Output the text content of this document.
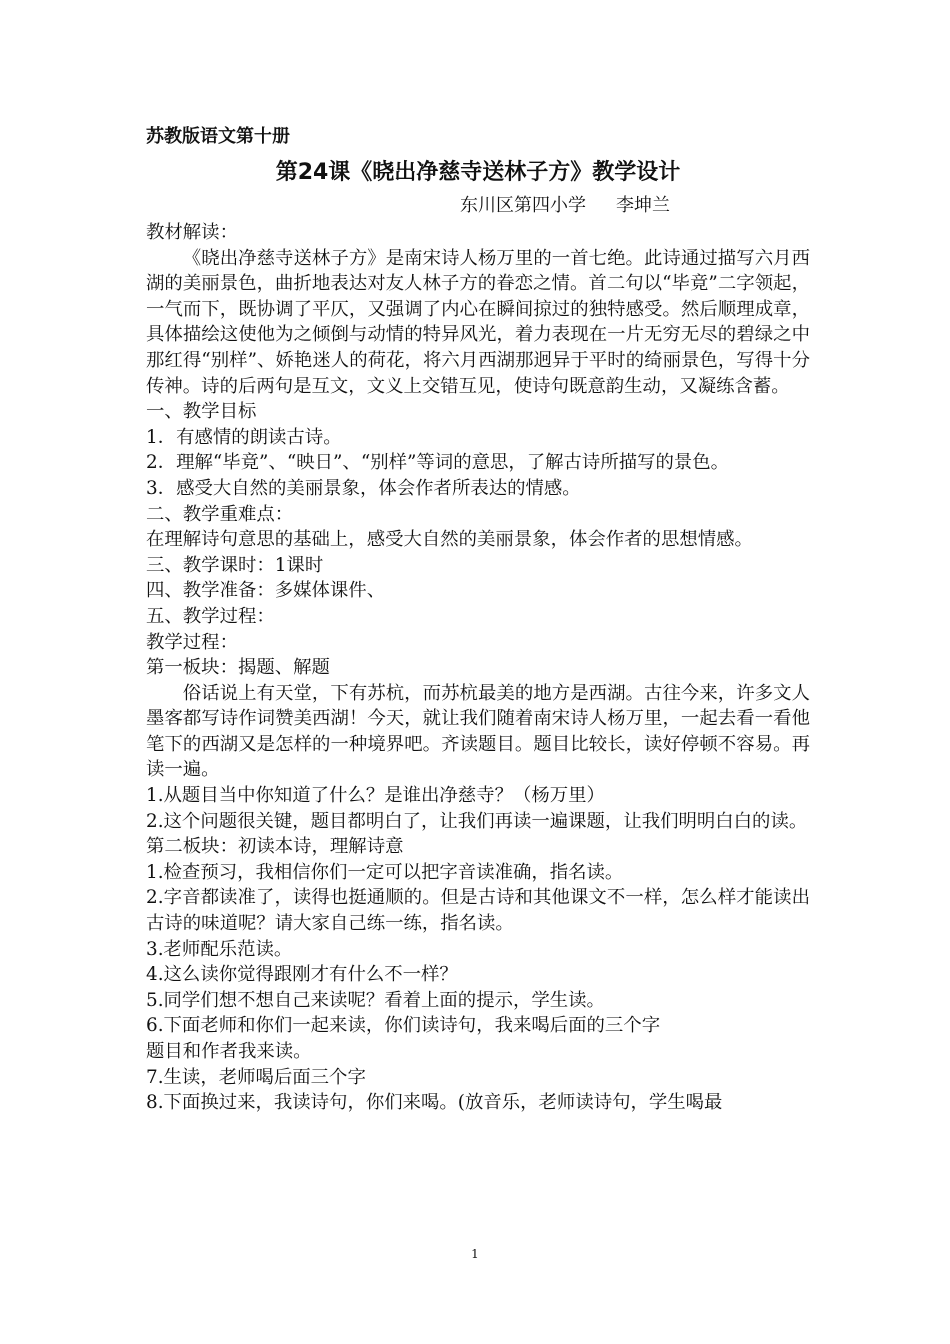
苏教版语文第十册
第24课《晓出净慈寺送林子方》教学设计
东川区第四小学 李坤兰

教材解读：

《晓出净慈寺送林子方》是南宋诗人杨万里的一首七绝。此诗通过描写六月西湖的美丽景色，曲折地表达对友人林子方的眷恋之情。首二句以“毕竟”二字领起，一气而下，既协调了平仄，又强调了内心在瞬间掠过的独特感受。然后顺理成章，具体描绘这使他为之倾倒与动情的特异风光，着力表现在一片无穷无尽的碧绿之中那红得“别样”、娇艳迷人的荷花，将六月西湖那迥异于平时的绮丽景色，写得十分传神。诗的后两句是互文，文义上交错互见，使诗句既意韵生动，又凝练含蓄。

一、教学目标

1．有感情的朗读古诗。

2．理解“毕竟”、“映日”、“别样”等词的意思，了解古诗所描写的景色。

3．感受大自然的美丽景象，体会作者所表达的情感。

二、教学重难点：

在理解诗句意思的基础上，感受大自然的美丽景象，体会作者的思想情感。

三、教学课时：1课时

四、教学准备：多媒体课件、

五、教学过程：

教学过程：

第一板块：揭题、解题

俗话说上有天堂，下有苏杭，而苏杭最美的地方是西湖。古往今来，许多文人墨客都写诗作词赞美西湖！今天，就让我们随着南宋诗人杨万里，一起去看一看他笔下的西湖又是怎样的一种境界吧。齐读题目。题目比较长，读好停顿不容易。再读一遍。

1.从题目当中你知道了什么？是谁出净慈寺？（杨万里）

2.这个问题很关键，题目都明白了，让我们再读一遍课题，让我们明明白白的读。

第二板块：初读本诗，理解诗意

1.检查预习，我相信你们一定可以把字音读准确，指名读。

2.字音都读准了，读得也挺通顺的。但是古诗和其他课文不一样，怎么样才能读出古诗的味道呢？请大家自己练一练，指名读。

3.老师配乐范读。

4.这么读你觉得跟刚才有什么不一样？

5.同学们想不想自己来读呢？看着上面的提示，学生读。

6.下面老师和你们一起来读，你们读诗句，我来喝后面的三个字

题目和作者我来读。

7.生读，老师喝后面三个字

8.下面换过来，我读诗句，你们来喝。(放音乐，老师读诗句，学生喝最

1
